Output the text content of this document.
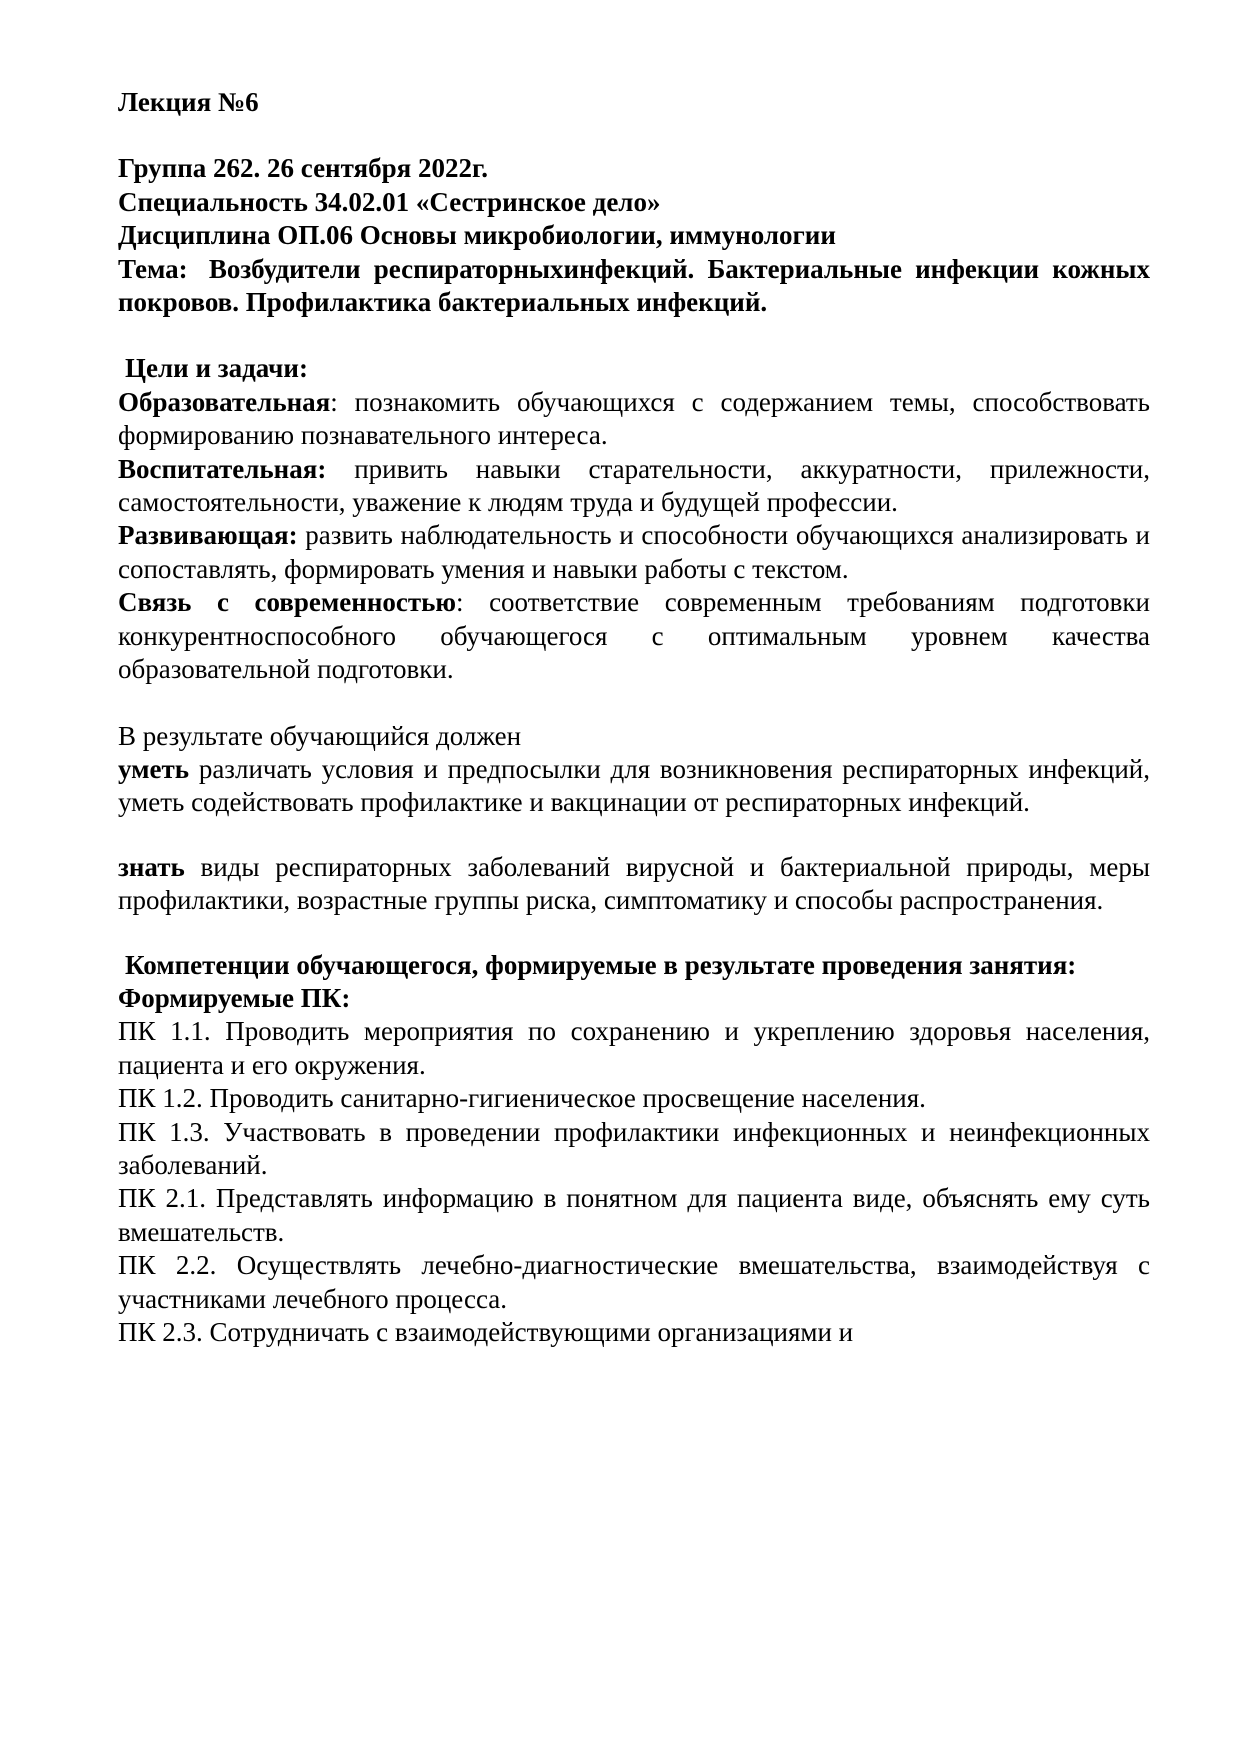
Лекция №6

Группа 262. 26 сентября 2022г.

Специальность 34.02.01 «Сестринское дело»

Дисциплина ОП.06 Основы микробиологии, иммунологии

Тема: Возбудители респираторныхинфекций. Бактериальные инфекции кожных покровов. Профилактика бактериальных инфекций.

Цели и задачи:

Образовательная: познакомить обучающихся с содержанием темы, способствовать формированию познавательного интереса.

Воспитательная: привить навыки старательности, аккуратности, прилежности, самостоятельности, уважение к людям труда и будущей профессии.

Развивающая: развить наблюдательность и способности обучающихся анализировать и сопоставлять, формировать умения и навыки работы с текстом.

Связь с современностью: соответствие современным требованиям подготовки конкурентноспособного обучающегося с оптимальным уровнем качества образовательной подготовки.

В результате обучающийся должен

уметь различать условия и предпосылки для возникновения респираторных инфекций, уметь содействовать профилактике и вакцинации от респираторных инфекций.

знать виды респираторных заболеваний вирусной и бактериальной природы, меры профилактики, возрастные группы риска, симптоматику и способы распространения.

Компетенции обучающегося, формируемые в результате проведения занятия:

Формируемые ПК:

ПК 1.1. Проводить мероприятия по сохранению и укреплению здоровья населения, пациента и его окружения.

ПК 1.2. Проводить санитарно-гигиеническое просвещение населения.

ПК 1.3. Участвовать в проведении профилактики инфекционных и неинфекционных заболеваний.

ПК 2.1. Представлять информацию в понятном для пациента виде, объяснять ему суть вмешательств.

ПК 2.2. Осуществлять лечебно-диагностические вмешательства, взаимодействуя с участниками лечебного процесса.

ПК 2.3. Сотрудничать с взаимодействующими организациями и
